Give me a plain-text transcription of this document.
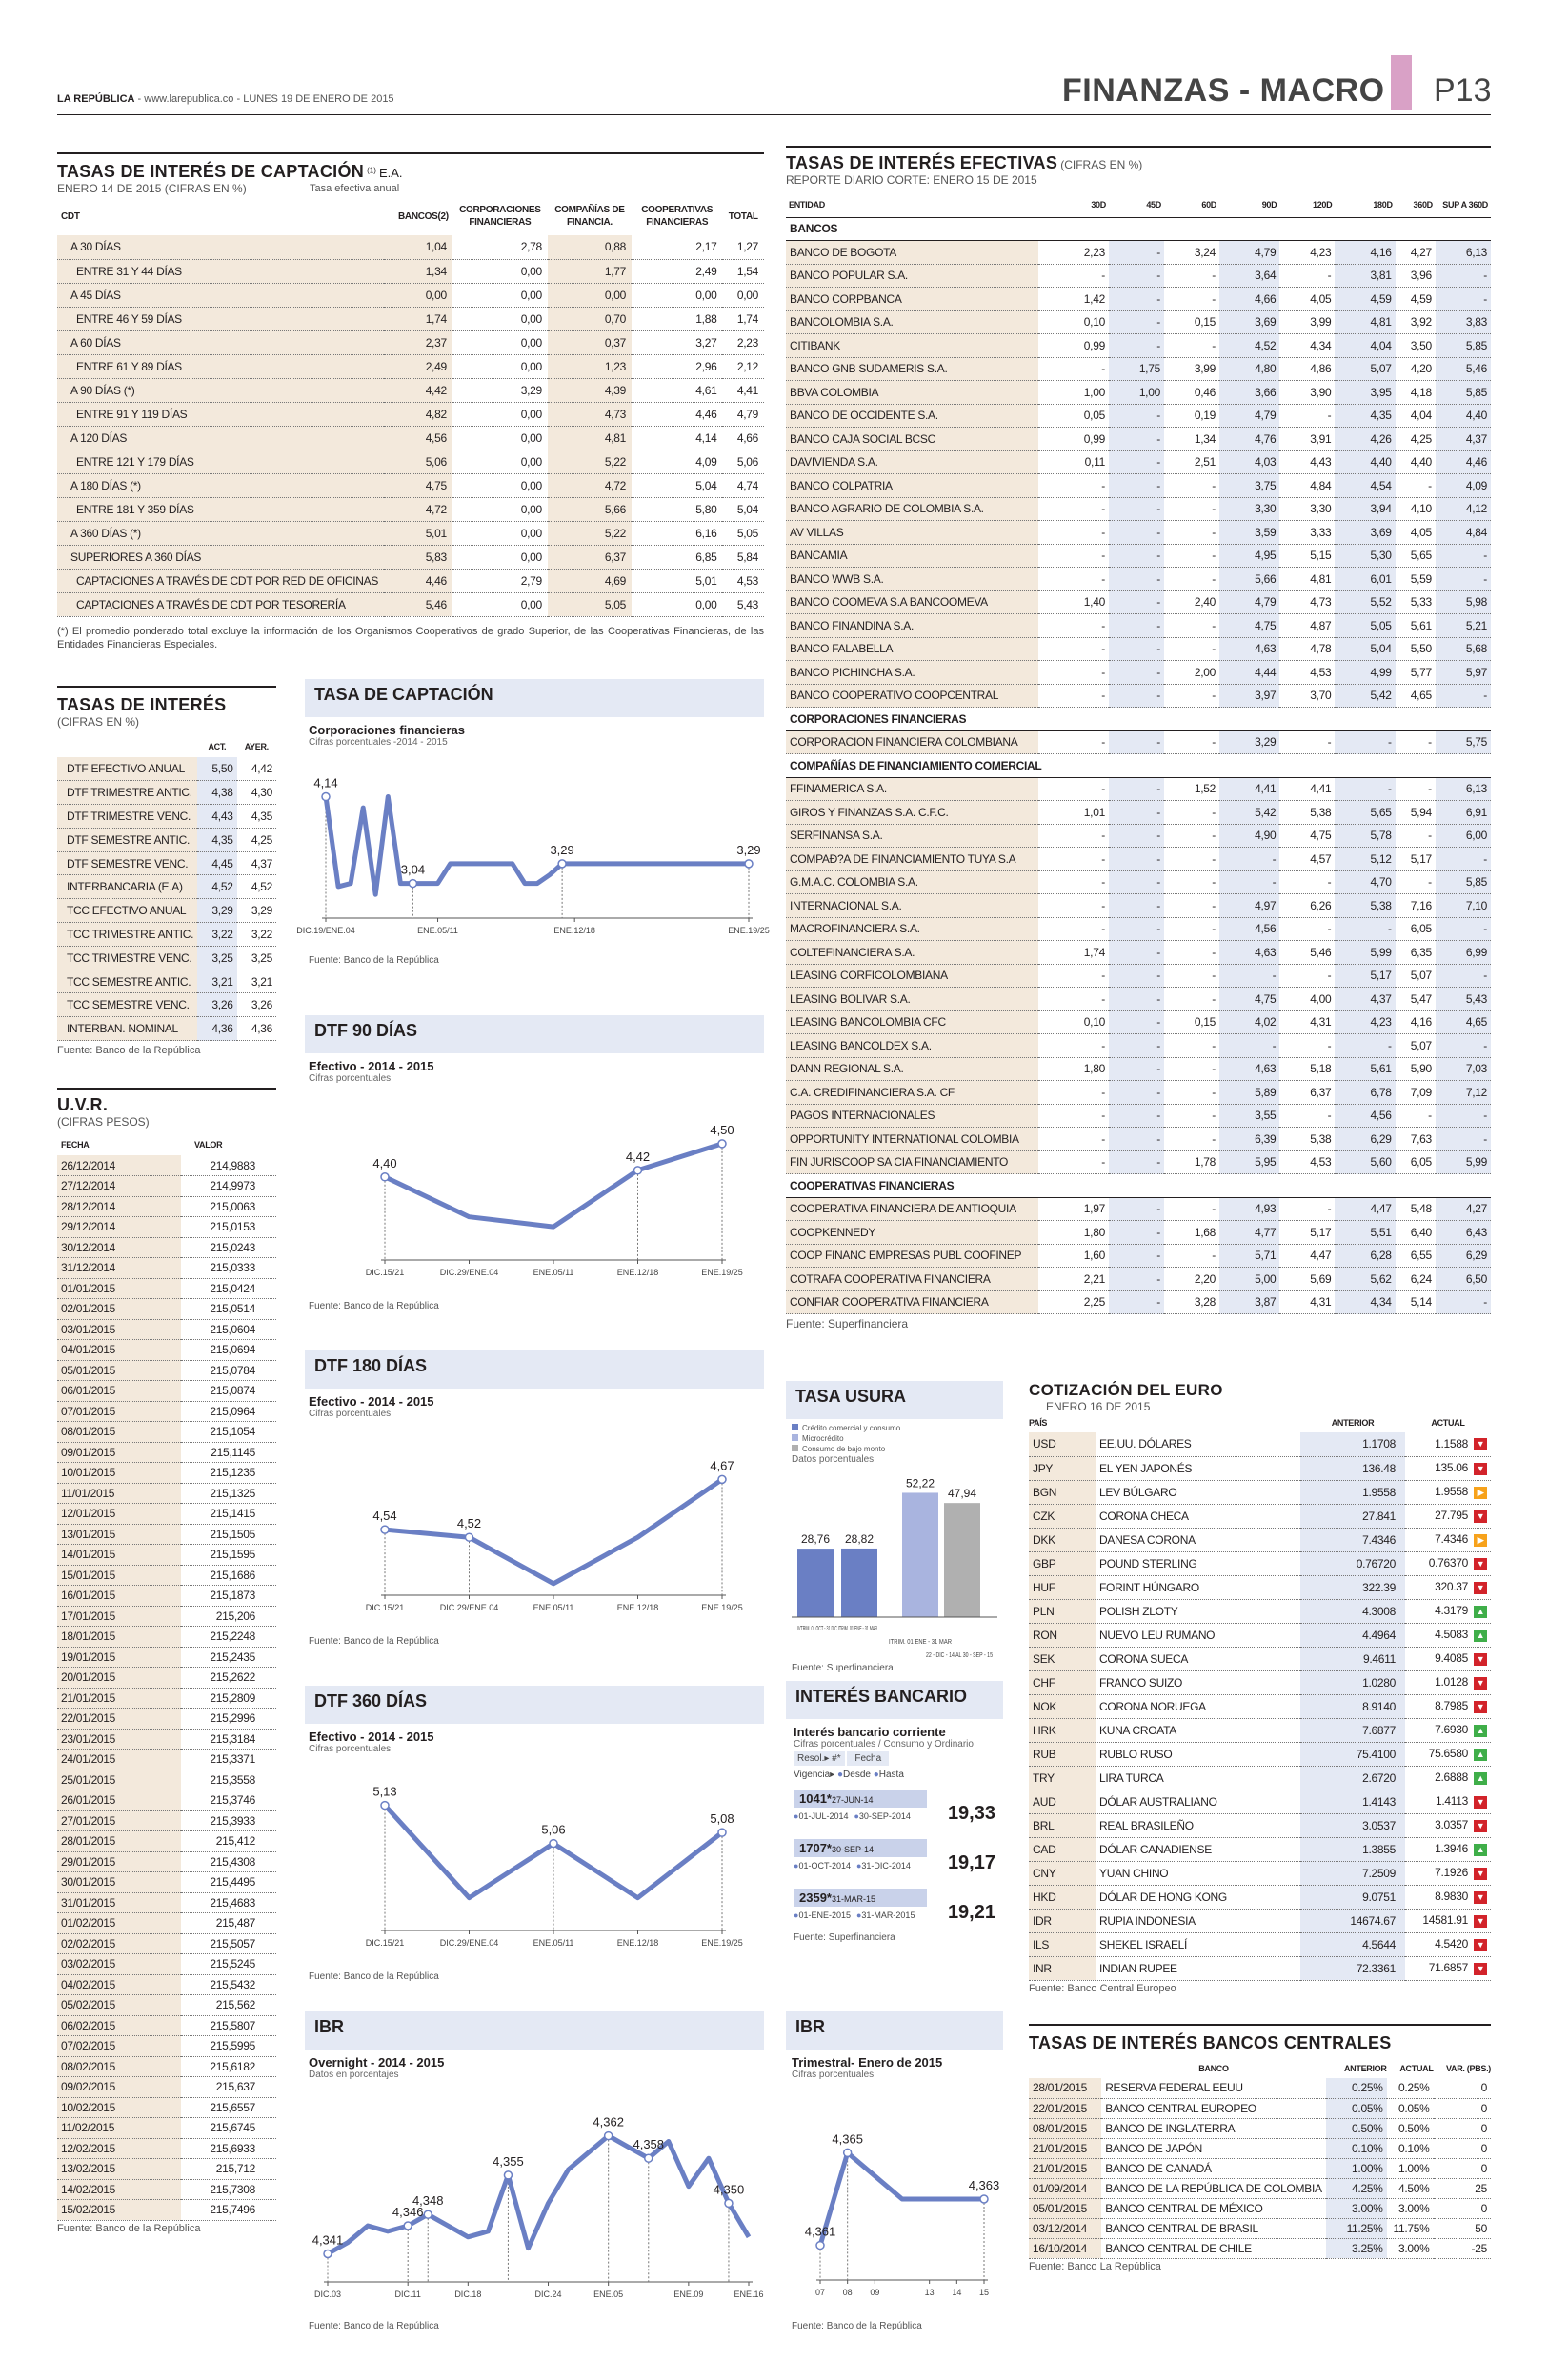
LA REPÚBLICA - www.larepublica.co - LUNES 19 DE ENERO DE 2015	FINANZAS - MACRO P13
TASAS DE INTERÉS DE CAPTACIÓN $^{(1)}$ E.A.
ENERO 14 DE 2015 (CIFRAS EN %)	Tasa efectiva anual
CDT	BANCOS(2)	CORPORACIONES FINANCIERAS	COMPAÑÍAS DE FINANCIA.	COOPERATIVAS FINANCIERAS	TOTAL
A 30 DÍAS	1,04	2,78	0,88	2,17	1,27
ENTRE 31 Y 44 DÍAS	1,34	0,00	1,77	2,49	1,54
A 45 DÍAS	0,00	0,00	0,00	0,00	0,00
ENTRE 46 Y 59 DÍAS	1,74	0,00	0,70	1,88	1,74
A 60 DÍAS	2,37	0,00	0,37	3,27	2,23
ENTRE 61 Y 89 DÍAS	2,49	0,00	1,23	2,96	2,12
A 90 DÍAS (*)	4,42	3,29	4,39	4,61	4,41
ENTRE 91 Y 119 DÍAS	4,82	0,00	4,73	4,46	4,79
A 120 DÍAS	4,56	0,00	4,81	4,14	4,66
ENTRE 121 Y 179 DÍAS	5,06	0,00	5,22	4,09	5,06
A 180 DÍAS (*)	4,75	0,00	4,72	5,04	4,74
ENTRE 181 Y 359 DÍAS	4,72	0,00	5,66	5,80	5,04
A 360 DÍAS (*)	5,01	0,00	5,22	6,16	5,05
SUPERIORES A 360 DÍAS	5,83	0,00	6,37	6,85	5,84
CAPTACIONES A TRAVÉS DE CDT POR RED DE OFICINAS	4,46	2,79	4,69	5,01	4,53
CAPTACIONES A TRAVÉS DE CDT POR TESORERÍA	5,46	0,00	5,05	0,00	5,43
(*) El promedio ponderado total excluye la información de los Organismos Cooperativos de grado Superior, de las Cooperativas Financieras, de las Entidades Financieras Especiales.
TASAS DE INTERÉS EFECTIVAS (CIFRAS EN %)
REPORTE DIARIO CORTE: ENERO 15 DE 2015
ENTIDAD	30D	45D	60D	90D	120D	180D	360D	SUP A 360D
BANCOS								
BANCO DE BOGOTA	2,23	-	3,24	4,79	4,23	4,16	4,27	6,13
BANCO POPULAR S.A.	-	-	-	3,64	-	3,81	3,96	-
BANCO CORPBANCA	1,42	-	-	4,66	4,05	4,59	4,59	-
BANCOLOMBIA S.A.	0,10	-	0,15	3,69	3,99	4,81	3,92	3,83
CITIBANK	0,99	-	-	4,52	4,34	4,04	3,50	5,85
BANCO GNB SUDAMERIS S.A.	-	1,75	3,99	4,80	4,86	5,07	4,20	5,46
BBVA COLOMBIA	1,00	1,00	0,46	3,66	3,90	3,95	4,18	5,85
BANCO DE OCCIDENTE S.A.	0,05	-	0,19	4,79	-	4,35	4,04	4,40
BANCO CAJA SOCIAL BCSC	0,99	-	1,34	4,76	3,91	4,26	4,25	4,37
DAVIVIENDA S.A.	0,11	-	2,51	4,03	4,43	4,40	4,40	4,46
BANCO COLPATRIA	-	-	-	3,75	4,84	4,54	-	4,09
BANCO AGRARIO DE COLOMBIA S.A.	-	-	-	3,30	3,30	3,94	4,10	4,12
AV VILLAS	-	-	-	3,59	3,33	3,69	4,05	4,84
BANCAMIA	-	-	-	4,95	5,15	5,30	5,65	-
BANCO WWB S.A.	-	-	-	5,66	4,81	6,01	5,59	-
BANCO COOMEVA S.A BANCOOMEVA	1,40	-	2,40	4,79	4,73	5,52	5,33	5,98
BANCO FINANDINA S.A.	-	-	-	4,75	4,87	5,05	5,61	5,21
BANCO FALABELLA	-	-	-	4,63	4,78	5,04	5,50	5,68
BANCO PICHINCHA S.A.	-	-	2,00	4,44	4,53	4,99	5,77	5,97
BANCO COOPERATIVO COOPCENTRAL	-	-	-	3,97	3,70	5,42	4,65	-
CORPORACIONES FINANCIERAS								
CORPORACION FINANCIERA COLOMBIANA	-	-	-	3,29	-	-	-	5,75
COMPAÑÍAS DE FINANCIAMIENTO COMERCIAL								
FFINAMERICA S.A.	-	-	1,52	4,41	4,41	-	-	6,13
GIROS Y FINANZAS S.A. C.F.C.	1,01	-	-	5,42	5,38	5,65	5,94	6,91
SERFINANSA S.A.	-	-	-	4,90	4,75	5,78	-	6,00
COMPAÐ?A DE FINANCIAMIENTO TUYA S.A	-	-	-	-	4,57	5,12	5,17	-
G.M.A.C. COLOMBIA S.A.	-	-	-	-	-	4,70	-	5,85
INTERNACIONAL S.A.	-	-	-	4,97	6,26	5,38	7,16	7,10
MACROFINANCIERA S.A.	-	-	-	4,56	-	-	6,05	-
COLTEFINANCIERA S.A.	1,74	-	-	4,63	5,46	5,99	6,35	6,99
LEASING CORFICOLOMBIANA	-	-	-	-	-	5,17	5,07	-
LEASING BOLIVAR S.A.	-	-	-	4,75	4,00	4,37	5,47	5,43
LEASING BANCOLOMBIA CFC	0,10	-	0,15	4,02	4,31	4,23	4,16	4,65
LEASING BANCOLDEX S.A.	-	-	-	-	-	-	5,07	-
DANN REGIONAL S.A.	1,80	-	-	4,63	5,18	5,61	5,90	7,03
C.A. CREDIFINANCIERA S.A. CF	-	-	-	5,89	6,37	6,78	7,09	7,12
PAGOS INTERNACIONALES	-	-	-	3,55	-	4,56	-	-
OPPORTUNITY INTERNATIONAL COLOMBIA	-	-	-	6,39	5,38	6,29	7,63	-
FIN JURISCOOP SA CIA FINANCIAMIENTO	-	-	1,78	5,95	4,53	5,60	6,05	5,99
COOPERATIVAS FINANCIERAS								
COOPERATIVA FINANCIERA DE ANTIOQUIA	1,97	-	-	4,93	-	4,47	5,48	4,27
COOPKENNEDY	1,80	-	1,68	4,77	5,17	5,51	6,40	6,43
COOP FINANC EMPRESAS PUBL COOFINEP	1,60	-	-	5,71	4,47	6,28	6,55	6,29
COTRAFA COOPERATIVA FINANCIERA	2,21	-	2,20	5,00	5,69	5,62	6,24	6,50
CONFIAR COOPERATIVA FINANCIERA	2,25	-	3,28	3,87	4,31	4,34	5,14	-
Fuente: Superfinanciera
TASAS DE INTERÉS
(CIFRAS EN %)
	ACT.	AYER.
DTF EFECTIVO ANUAL	5,50	4,42
DTF TRIMESTRE ANTIC.	4,38	4,30
DTF TRIMESTRE VENC.	4,43	4,35
DTF SEMESTRE ANTIC.	4,35	4,25
DTF SEMESTRE VENC.	4,45	4,37
INTERBANCARIA (E.A)	4,52	4,52
TCC EFECTIVO ANUAL	3,29	3,29
TCC TRIMESTRE ANTIC.	3,22	3,22
TCC TRIMESTRE VENC.	3,25	3,25
TCC SEMESTRE ANTIC.	3,21	3,21
TCC SEMESTRE VENC.	3,26	3,26
INTERBAN. NOMINAL	4,36	4,36
Fuente: Banco de la República
U.V.R.
(CIFRAS PESOS)
FECHA	VALOR
26/12/2014	214,9883
27/12/2014	214,9973
28/12/2014	215,0063
29/12/2014	215,0153
30/12/2014	215,0243
31/12/2014	215,0333
01/01/2015	215,0424
02/01/2015	215,0514
03/01/2015	215,0604
04/01/2015	215,0694
05/01/2015	215,0784
06/01/2015	215,0874
07/01/2015	215,0964
08/01/2015	215,1054
09/01/2015	215,1145
10/01/2015	215,1235
11/01/2015	215,1325
12/01/2015	215,1415
13/01/2015	215,1505
14/01/2015	215,1595
15/01/2015	215,1686
16/01/2015	215,1873
17/01/2015	215,206
18/01/2015	215,2248
19/01/2015	215,2435
20/01/2015	215,2622
21/01/2015	215,2809
22/01/2015	215,2996
23/01/2015	215,3184
24/01/2015	215,3371
25/01/2015	215,3558
26/01/2015	215,3746
27/01/2015	215,3933
28/01/2015	215,412
29/01/2015	215,4308
30/01/2015	215,4495
31/01/2015	215,4683
01/02/2015	215,487
02/02/2015	215,5057
03/02/2015	215,5245
04/02/2015	215,5432
05/02/2015	215,562
06/02/2015	215,5807
07/02/2015	215,5995
08/02/2015	215,6182
09/02/2015	215,637
10/02/2015	215,6557
11/02/2015	215,6745
12/02/2015	215,6933
13/02/2015	215,712
14/02/2015	215,7308
15/02/2015	215,7496
Fuente: Banco de la República
TASA DE CAPTACIÓN
Corporaciones financieras
Cifras porcentuales -2014 - 2015
DIC.19/ENE.04	ENE.05/11	ENE.12/18	ENE.19/25
4,14
3,04
3,29	3,29
Fuente: Banco de la República
DTF 90 DÍAS
Efectivo - 2014 - 2015
Cifras porcentuales
DIC.15/21	DIC.29/ENE.04	ENE.05/11	ENE.12/18	ENE.19/25
4,40	4,42
4,50
Fuente: Banco de la República
DTF 180 DÍAS
Efectivo - 2014 - 2015
Cifras porcentuales
DIC.15/21	DIC.29/ENE.04	ENE.05/11	ENE.12/18	ENE.19/25
4,54
4,52
4,67
Fuente: Banco de la República
DTF 360 DÍAS
Efectivo - 2014 - 2015
Cifras porcentuales
DIC.15/21	DIC.29/ENE.04	ENE.05/11	ENE.12/18	ENE.19/25
5,13
5,06
5,08
Fuente: Banco de la República
IBR
Overnight - 2014 - 2015
Datos en porcentajes
DIC.03	DIC.11	DIC.18	DIC.24	ENE.05	ENE.09	ENE.16
4,341
4,346
4,348
4,355
4,362
4,358
4,350
Fuente: Banco de la República
TASA USURA
Crédito comercial y consumo
Microcrédito
Consumo de bajo monto
Datos porcentuales
28,76 28,82
52,22
47,94
IVTRIM. 01 OCT - 31 DIC ITRIM. 01 ENE - 31 MAR
ITRIM. 01 ENE - 31 MAR
22 - DIC - 14 AL 30 - SEP - 15
Fuente: Superfinanciera
INTERÉS BANCARIO
Interés bancario corriente
Cifras porcentuales / Consumo y Ordinario
Resol.▸ #* Fecha
Vigencia▸ ●Desde ●Hasta
1041*27-JUN-14
●01-JUL-2014 ●30-SEP-2014	19,33
1707*30-SEP-14
●01-OCT-2014 ●31-DIC-2014	19,17
2359*31-MAR-15
●01-ENE-2015 ●31-MAR-2015	19,21
Fuente: Superfinanciera
IBR
Trimestral- Enero de 2015
Cifras porcentuales
07 08 09	13 14 15
4,361
4,365
4,363
Fuente: Banco de la República
COTIZACIÓN DEL EURO
ENERO 16 DE 2015
PAÍS		ANTERIOR	ACTUAL
USD	EE.UU. DÓLARES	1.1708	1.1588 ▼
JPY	EL YEN JAPONÉS	136.48	135.06 ▼
BGN	LEV BÚLGARO	1.9558	1.9558 ▶
CZK	CORONA CHECA	27.841	27.795 ▼
DKK	DANESA CORONA	7.4346	7.4346 ▶
GBP	POUND STERLING	0.76720	0.76370 ▼
HUF	FORINT HÚNGARO	322.39	320.37 ▼
PLN	POLISH ZLOTY	4.3008	4.3179 ▲
RON	NUEVO LEU RUMANO	4.4964	4.5083 ▲
SEK	CORONA SUECA	9.4611	9.4085 ▼
CHF	FRANCO SUIZO	1.0280	1.0128 ▼
NOK	CORONA NORUEGA	8.9140	8.7985 ▼
HRK	KUNA CROATA	7.6877	7.6930 ▲
RUB	RUBLO RUSO	75.4100	75.6580 ▲
TRY	LIRA TURCA	2.6720	2.6888 ▲
AUD	DÓLAR AUSTRALIANO	1.4143	1.4113 ▼
BRL	REAL BRASILEÑO	3.0537	3.0357 ▼
CAD	DÓLAR CANADIENSE	1.3855	1.3946 ▲
CNY	YUAN CHINO	7.2509	7.1926 ▼
HKD	DÓLAR DE HONG KONG	9.0751	8.9830 ▼
IDR	RUPIA INDONESIA	14674.67	14581.91 ▼
ILS	SHEKEL ISRAELÍ	4.5644	4.5420 ▼
INR	INDIAN RUPEE	72.3361	71.6857 ▼
Fuente: Banco Central Europeo
TASAS DE INTERÉS BANCOS CENTRALES
	BANCO	ANTERIOR	ACTUAL	VAR. (PBS.)
28/01/2015	RESERVA FEDERAL EEUU	0.25%	0.25%	0
22/01/2015	BANCO CENTRAL EUROPEO	0.05%	0.05%	0
08/01/2015	BANCO DE INGLATERRA	0.50%	0.50%	0
21/01/2015	BANCO DE JAPÓN	0.10%	0.10%	0
21/01/2015	BANCO DE CANADÁ	1.00%	1.00%	0
01/09/2014	BANCO DE LA REPÚBLICA DE COLOMBIA	4.25%	4.50%	25
05/01/2015	BANCO CENTRAL DE MÉXICO	3.00%	3.00%	0
03/12/2014	BANCO CENTRAL DE BRASIL	11.25%	11.75%	50
16/10/2014	BANCO CENTRAL DE CHILE	3.25%	3.00%	-25
Fuente: Banco La República
